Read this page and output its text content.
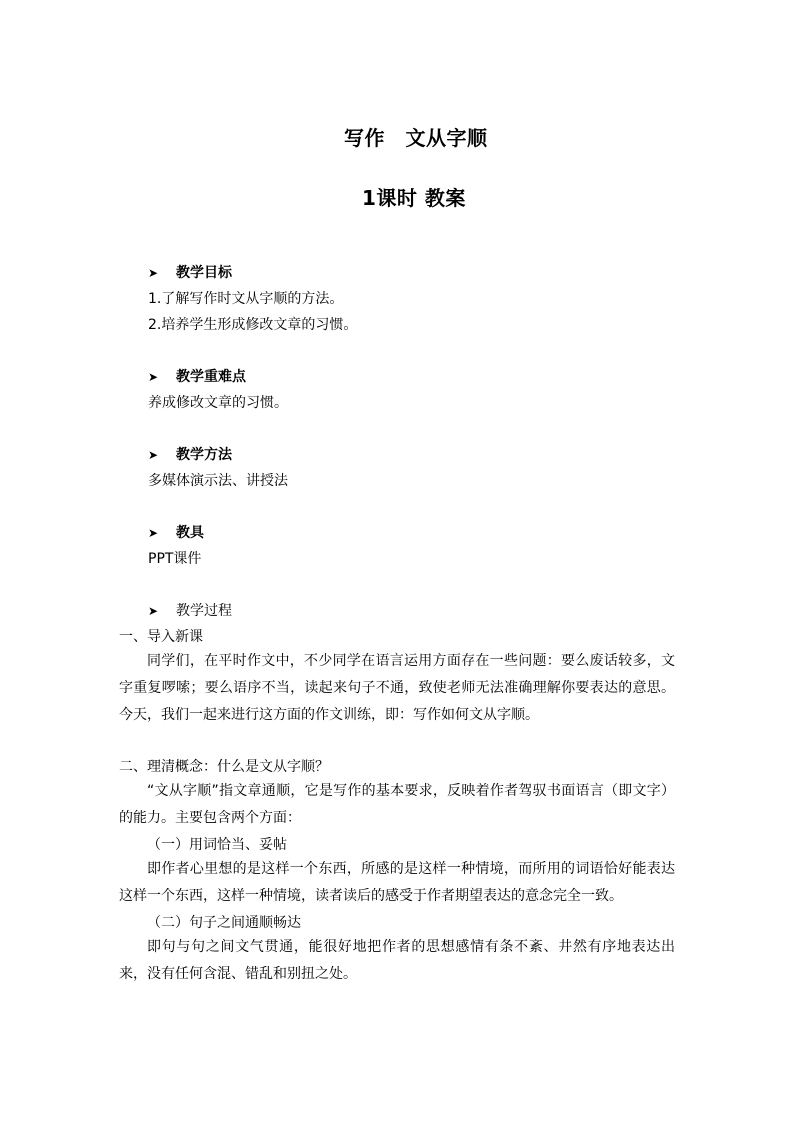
写作　文从字顺
1课时 教案
➤ 教学目标
1.了解写作时文从字顺的方法。
2.培养学生形成修改文章的习惯。
➤ 教学重难点
养成修改文章的习惯。
➤ 教学方法
多媒体演示法、讲授法
➤ 教具
PPT课件
➤ 教学过程
一、导入新课
同学们，在平时作文中，不少同学在语言运用方面存在一些问题：要么废话较多，文字重复啰嗦；要么语序不当，读起来句子不通，致使老师无法准确理解你要表达的意思。今天，我们一起来进行这方面的作文训练，即：写作如何文从字顺。
二、理清概念：什么是文从字顺？
“文从字顺”指文章通顺，它是写作的基本要求，反映着作者驾驭书面语言（即文字）的能力。主要包含两个方面：
（一）用词恰当、妥帖
即作者心里想的是这样一个东西，所感的是这样一种情境，而所用的词语恰好能表达这样一个东西，这样一种情境，读者读后的感受于作者期望表达的意念完全一致。
（二）句子之间通顺畅达
即句与句之间文气贯通，能很好地把作者的思想感情有条不紊、井然有序地表达出来，没有任何含混、错乱和别扭之处。
